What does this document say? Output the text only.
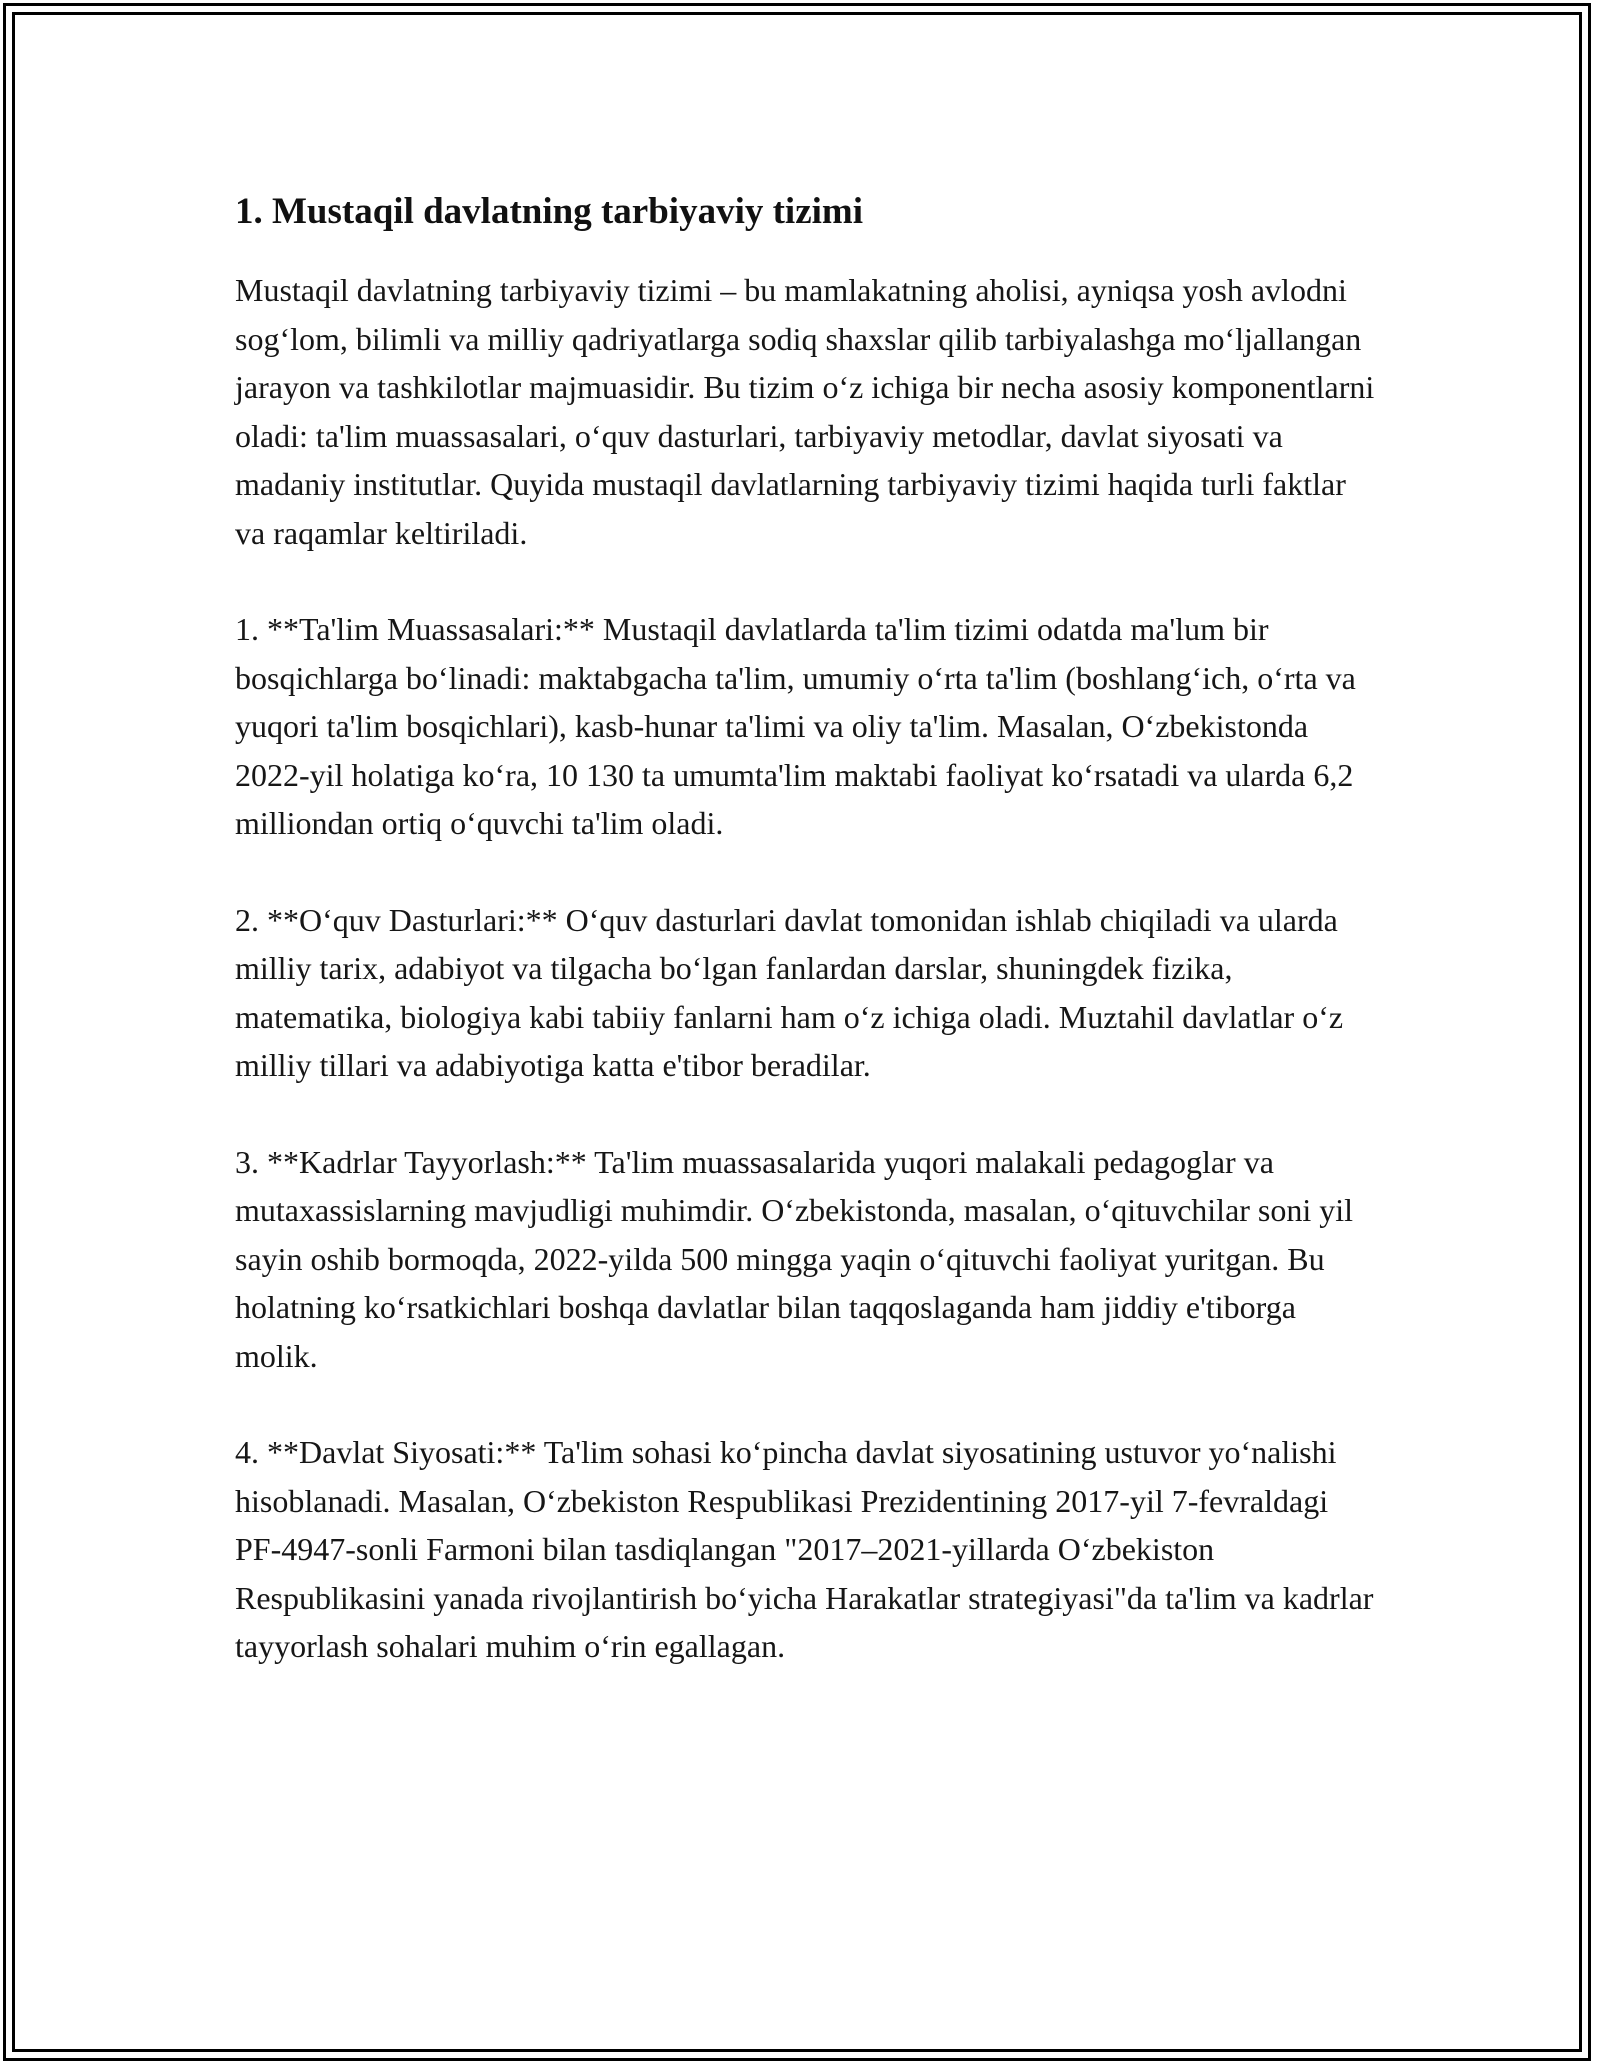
1. Mustaqil davlatning tarbiyaviy tizimi

Mustaqil davlatning tarbiyaviy tizimi – bu mamlakatning aholisi, ayniqsa yosh avlodni sog‘lom, bilimli va milliy qadriyatlarga sodiq shaxslar qilib tarbiyalashga mo‘ljallangan jarayon va tashkilotlar majmuasidir. Bu tizim o‘z ichiga bir necha asosiy komponentlarni oladi: ta'lim muassasalari, o‘quv dasturlari, tarbiyaviy metodlar, davlat siyosati va madaniy institutlar. Quyida mustaqil davlatlarning tarbiyaviy tizimi haqida turli faktlar va raqamlar keltiriladi.

1. **Ta'lim Muassasalari:** Mustaqil davlatlarda ta'lim tizimi odatda ma'lum bir bosqichlarga bo‘linadi: maktabgacha ta'lim, umumiy o‘rta ta'lim (boshlang‘ich, o‘rta va yuqori ta'lim bosqichlari), kasb-hunar ta'limi va oliy ta'lim. Masalan, O‘zbekistonda 2022-yil holatiga ko‘ra, 10 130 ta umumta'lim maktabi faoliyat ko‘rsatadi va ularda 6,2 milliondan ortiq o‘quvchi ta'lim oladi.

2. **O‘quv Dasturlari:** O‘quv dasturlari davlat tomonidan ishlab chiqiladi va ularda milliy tarix, adabiyot va tilgacha bo‘lgan fanlardan darslar, shuningdek fizika, matematika, biologiya kabi tabiiy fanlarni ham o‘z ichiga oladi. Muztahil davlatlar o‘z milliy tillari va adabiyotiga katta e'tibor beradilar.

3. **Kadrlar Tayyorlash:** Ta'lim muassasalarida yuqori malakali pedagoglar va mutaxassislarning mavjudligi muhimdir. O‘zbekistonda, masalan, o‘qituvchilar soni yil sayin oshib bormoqda, 2022-yilda 500 mingga yaqin o‘qituvchi faoliyat yuritgan. Bu holatning ko‘rsatkichlari boshqa davlatlar bilan taqqoslaganda ham jiddiy e'tiborga molik.

4. **Davlat Siyosati:** Ta'lim sohasi ko‘pincha davlat siyosatining ustuvor yo‘nalishi hisoblanadi. Masalan, O‘zbekiston Respublikasi Prezidentining 2017-yil 7-fevraldagi PF-4947-sonli Farmoni bilan tasdiqlangan "2017–2021-yillarda O‘zbekiston Respublikasini yanada rivojlantirish bo‘yicha Harakatlar strategiyasi"da ta'lim va kadrlar tayyorlash sohalari muhim o‘rin egallagan.
